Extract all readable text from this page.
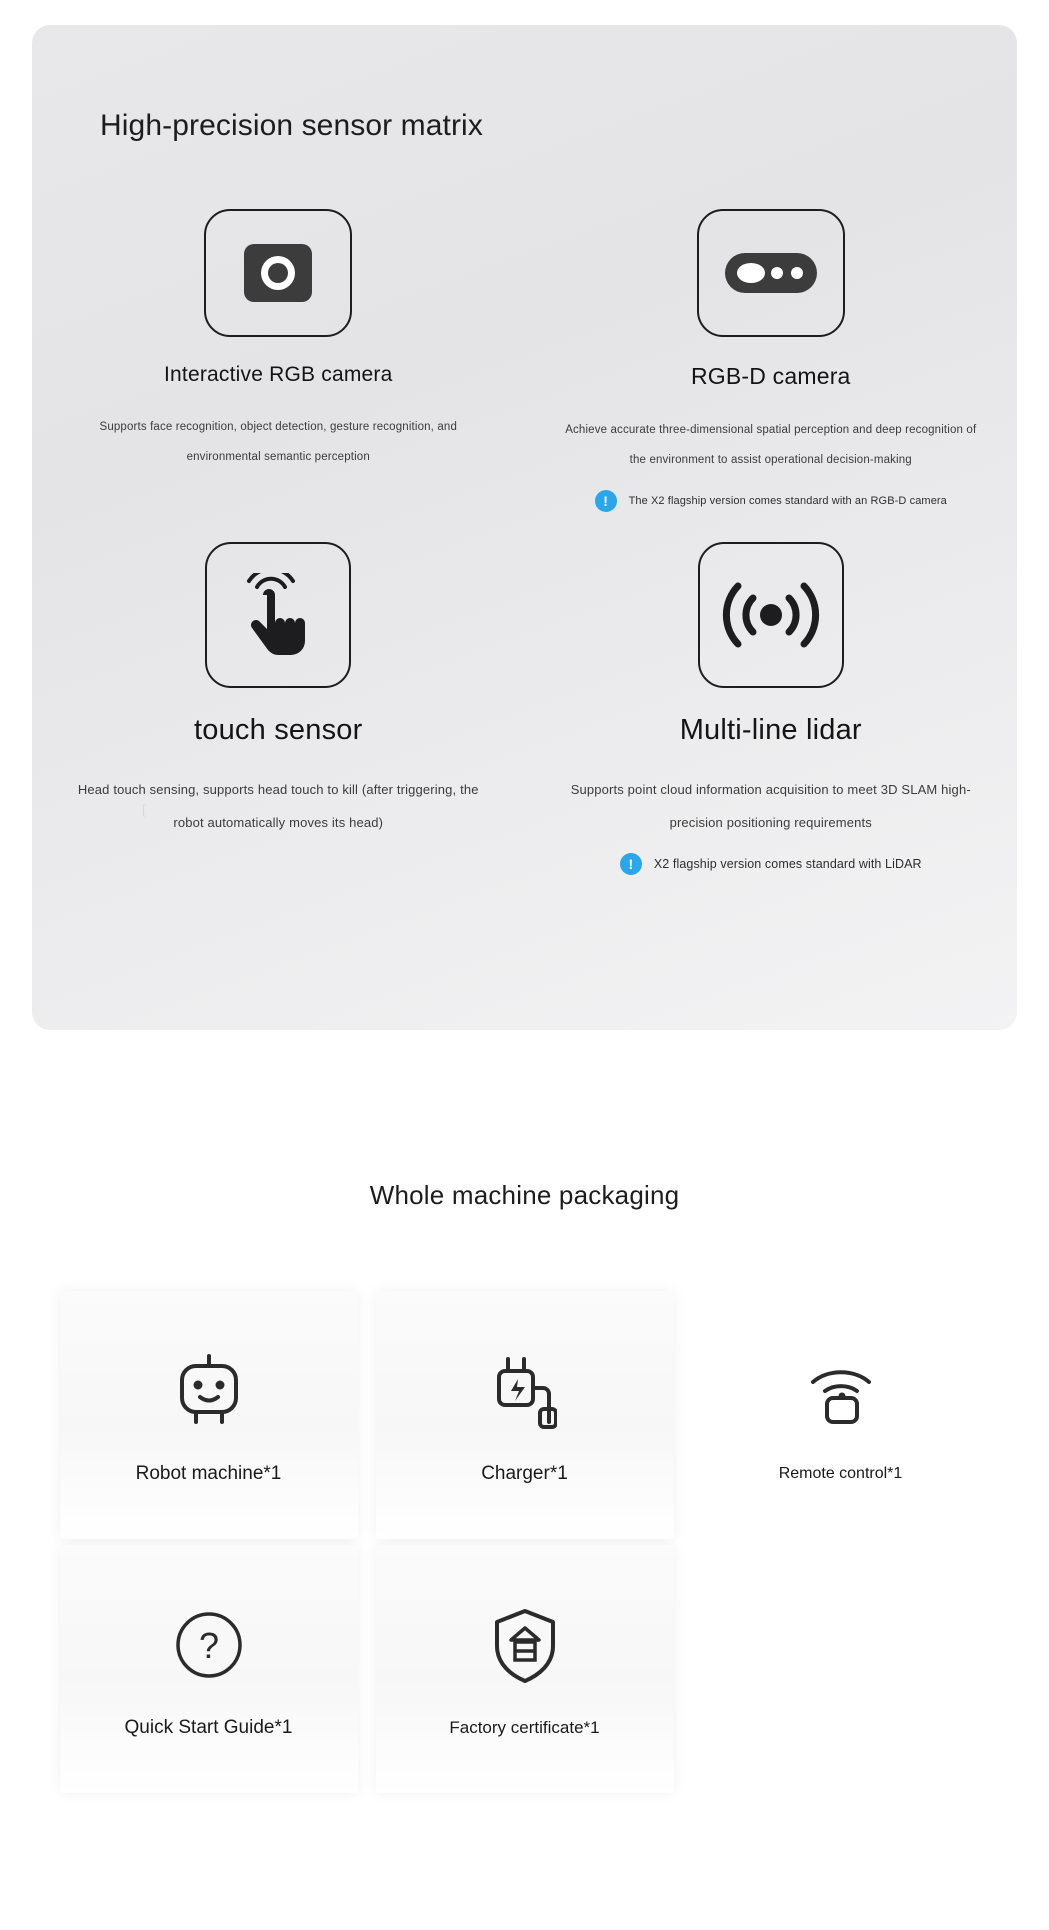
High-precision sensor matrix
Interactive RGB camera
Supports face recognition, object detection, gesture recognition, and environmental semantic perception
RGB-D camera
Achieve accurate three-dimensional spatial perception and deep recognition of the environment to assist operational decision-making
!	The X2 flagship version comes standard with an RGB-D camera
touch sensor
Head touch sensing, supports head touch to kill (after triggering, the robot automatically moves its head)
[
Multi-line lidar
Supports point cloud information acquisition to meet 3D SLAM high-precision positioning requirements
!	X2 flagship version comes standard with LiDAR
Whole machine packaging
Robot machine*1	Charger*1	Remote control*1
?
Quick Start Guide*1	Factory certificate*1
